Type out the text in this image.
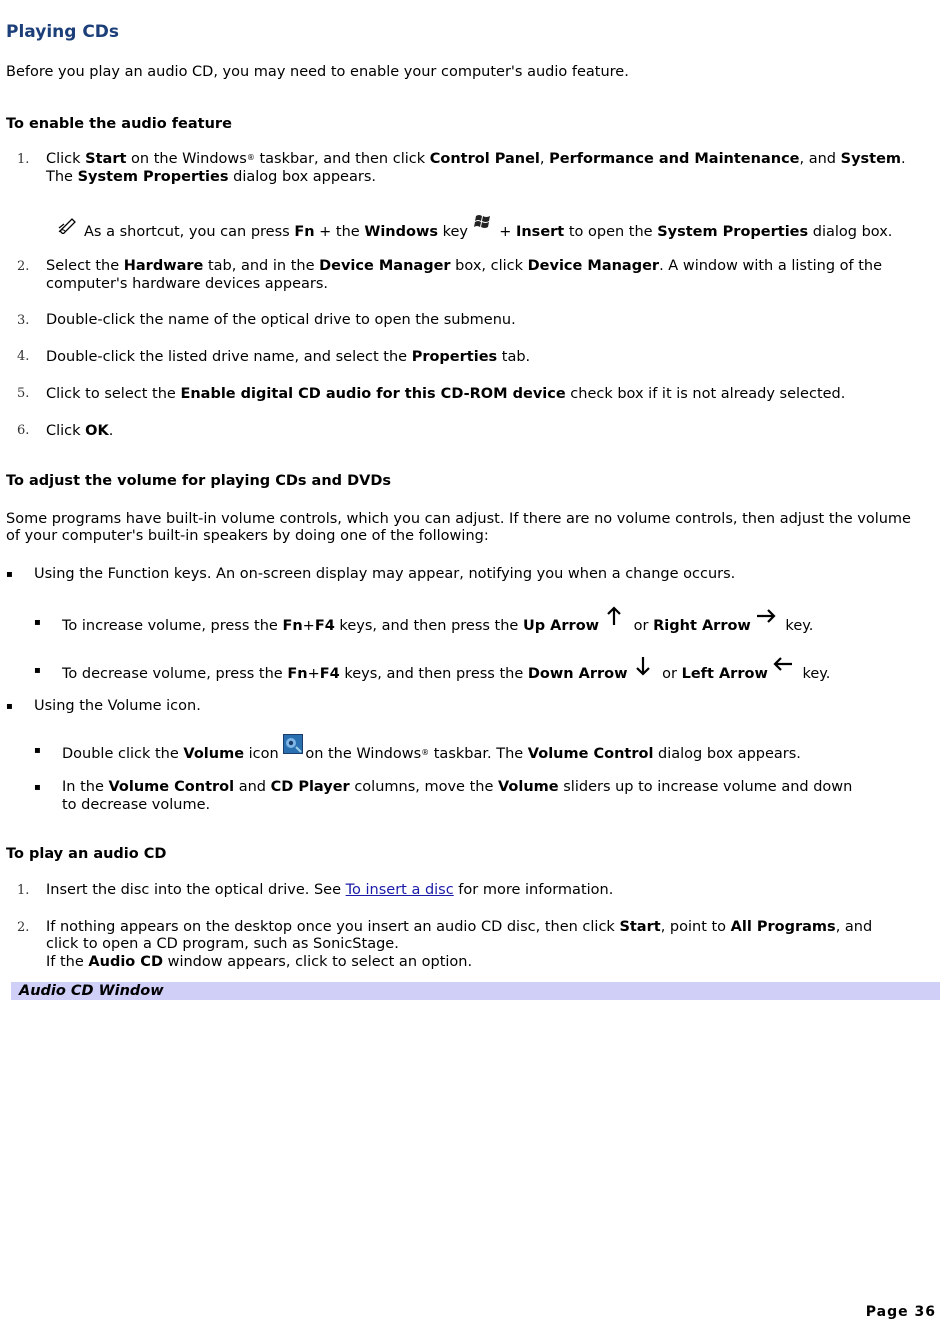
Playing CDs
Before you play an audio CD, you may need to enable your computer's audio feature.
To enable the audio feature
1. Click Start on the Windows® taskbar, and then click Control Panel, Performance and Maintenance, and System.
The System Properties dialog box appears.
As a shortcut, you can press Fn + the Windows key  + Insert to open the System Properties dialog box.
2. Select the Hardware tab, and in the Device Manager box, click Device Manager. A window with a listing of the
computer's hardware devices appears.
3. Double-click the name of the optical drive to open the submenu.
4. Double-click the listed drive name, and select the Properties tab.
5. Click to select the Enable digital CD audio for this CD-ROM device check box if it is not already selected.
6. Click OK.
To adjust the volume for playing CDs and DVDs
Some programs have built-in volume controls, which you can adjust. If there are no volume controls, then adjust the volume
of your computer's built-in speakers by doing one of the following:
▪ Using the Function keys. An on-screen display may appear, notifying you when a change occurs.
▪ To increase volume, press the Fn+F4 keys, and then press the Up Arrow or Right Arrow key.
▪ To decrease volume, press the Fn+F4 keys, and then press the Down Arrow or Left Arrow key.
▪ Using the Volume icon.
▪ Double click the Volume icon on the Windows® taskbar. The Volume Control dialog box appears.
▪ In the Volume Control and CD Player columns, move the Volume sliders up to increase volume and down
to decrease volume.
To play an audio CD
1. Insert the disc into the optical drive. See To insert a disc for more information.
2. If nothing appears on the desktop once you insert an audio CD disc, then click Start, point to All Programs, and
click to open a CD program, such as SonicStage.
If the Audio CD window appears, click to select an option.
Audio CD Window
Page 36
